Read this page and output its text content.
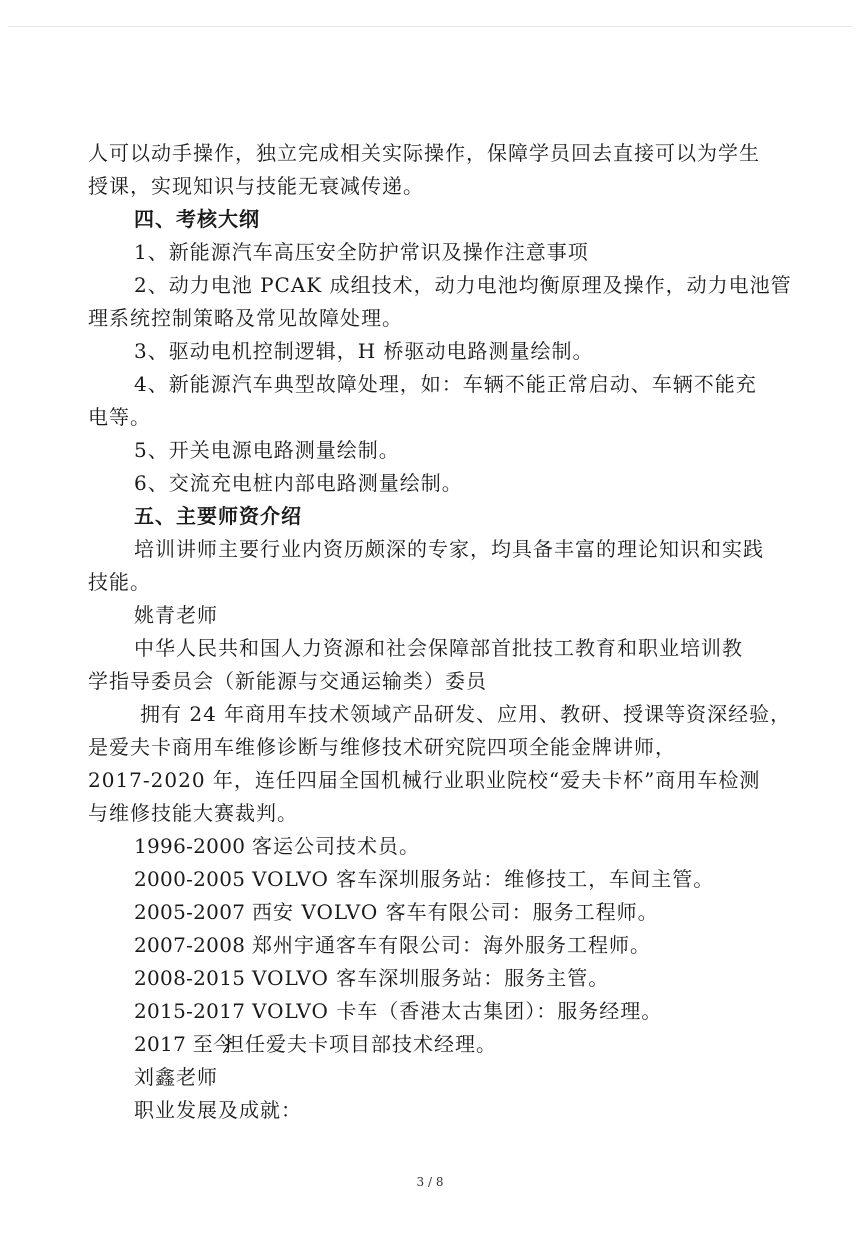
人可以动手操作，独立完成相关实际操作，保障学员回去直接可以为学生
授课，实现知识与技能无衰减传递。
四、考核大纲
1、新能源汽车高压安全防护常识及操作注意事项
2、动力电池 PCAK 成组技术，动力电池均衡原理及操作，动力电池管
理系统控制策略及常见故障处理。
3、驱动电机控制逻辑，H 桥驱动电路测量绘制。
4、新能源汽车典型故障处理，如：车辆不能正常启动、车辆不能充
电等。
5、开关电源电路测量绘制。
6、交流充电桩内部电路测量绘制。
五、主要师资介绍
培训讲师主要行业内资历颇深的专家，均具备丰富的理论知识和实践
技能。
姚青老师
中华人民共和国人力资源和社会保障部首批技工教育和职业培训教
学指导委员会（新能源与交通运输类）委员
拥有 24 年商用车技术领域产品研发、应用、教研、授课等资深经验，
是爱夫卡商用车维修诊断与维修技术研究院四项全能金牌讲师，
2017-2020 年，连任四届全国机械行业职业院校“爱夫卡杯”商用车检测
与维修技能大赛裁判。
1996-2000 客运公司技术员。
2000-2005 VOLVO 客车深圳服务站：维修技工，车间主管。
2005-2007 西安 VOLVO 客车有限公司：服务工程师。
2007-2008 郑州宇通客车有限公司：海外服务工程师。
2008-2015 VOLVO 客车深圳服务站：服务主管。
2015-2017 VOLVO 卡车（香港太古集团）：服务经理。
2017 至今
担任爱夫卡项目部技术经理。
刘鑫老师
职业发展及成就：
3 / 8
